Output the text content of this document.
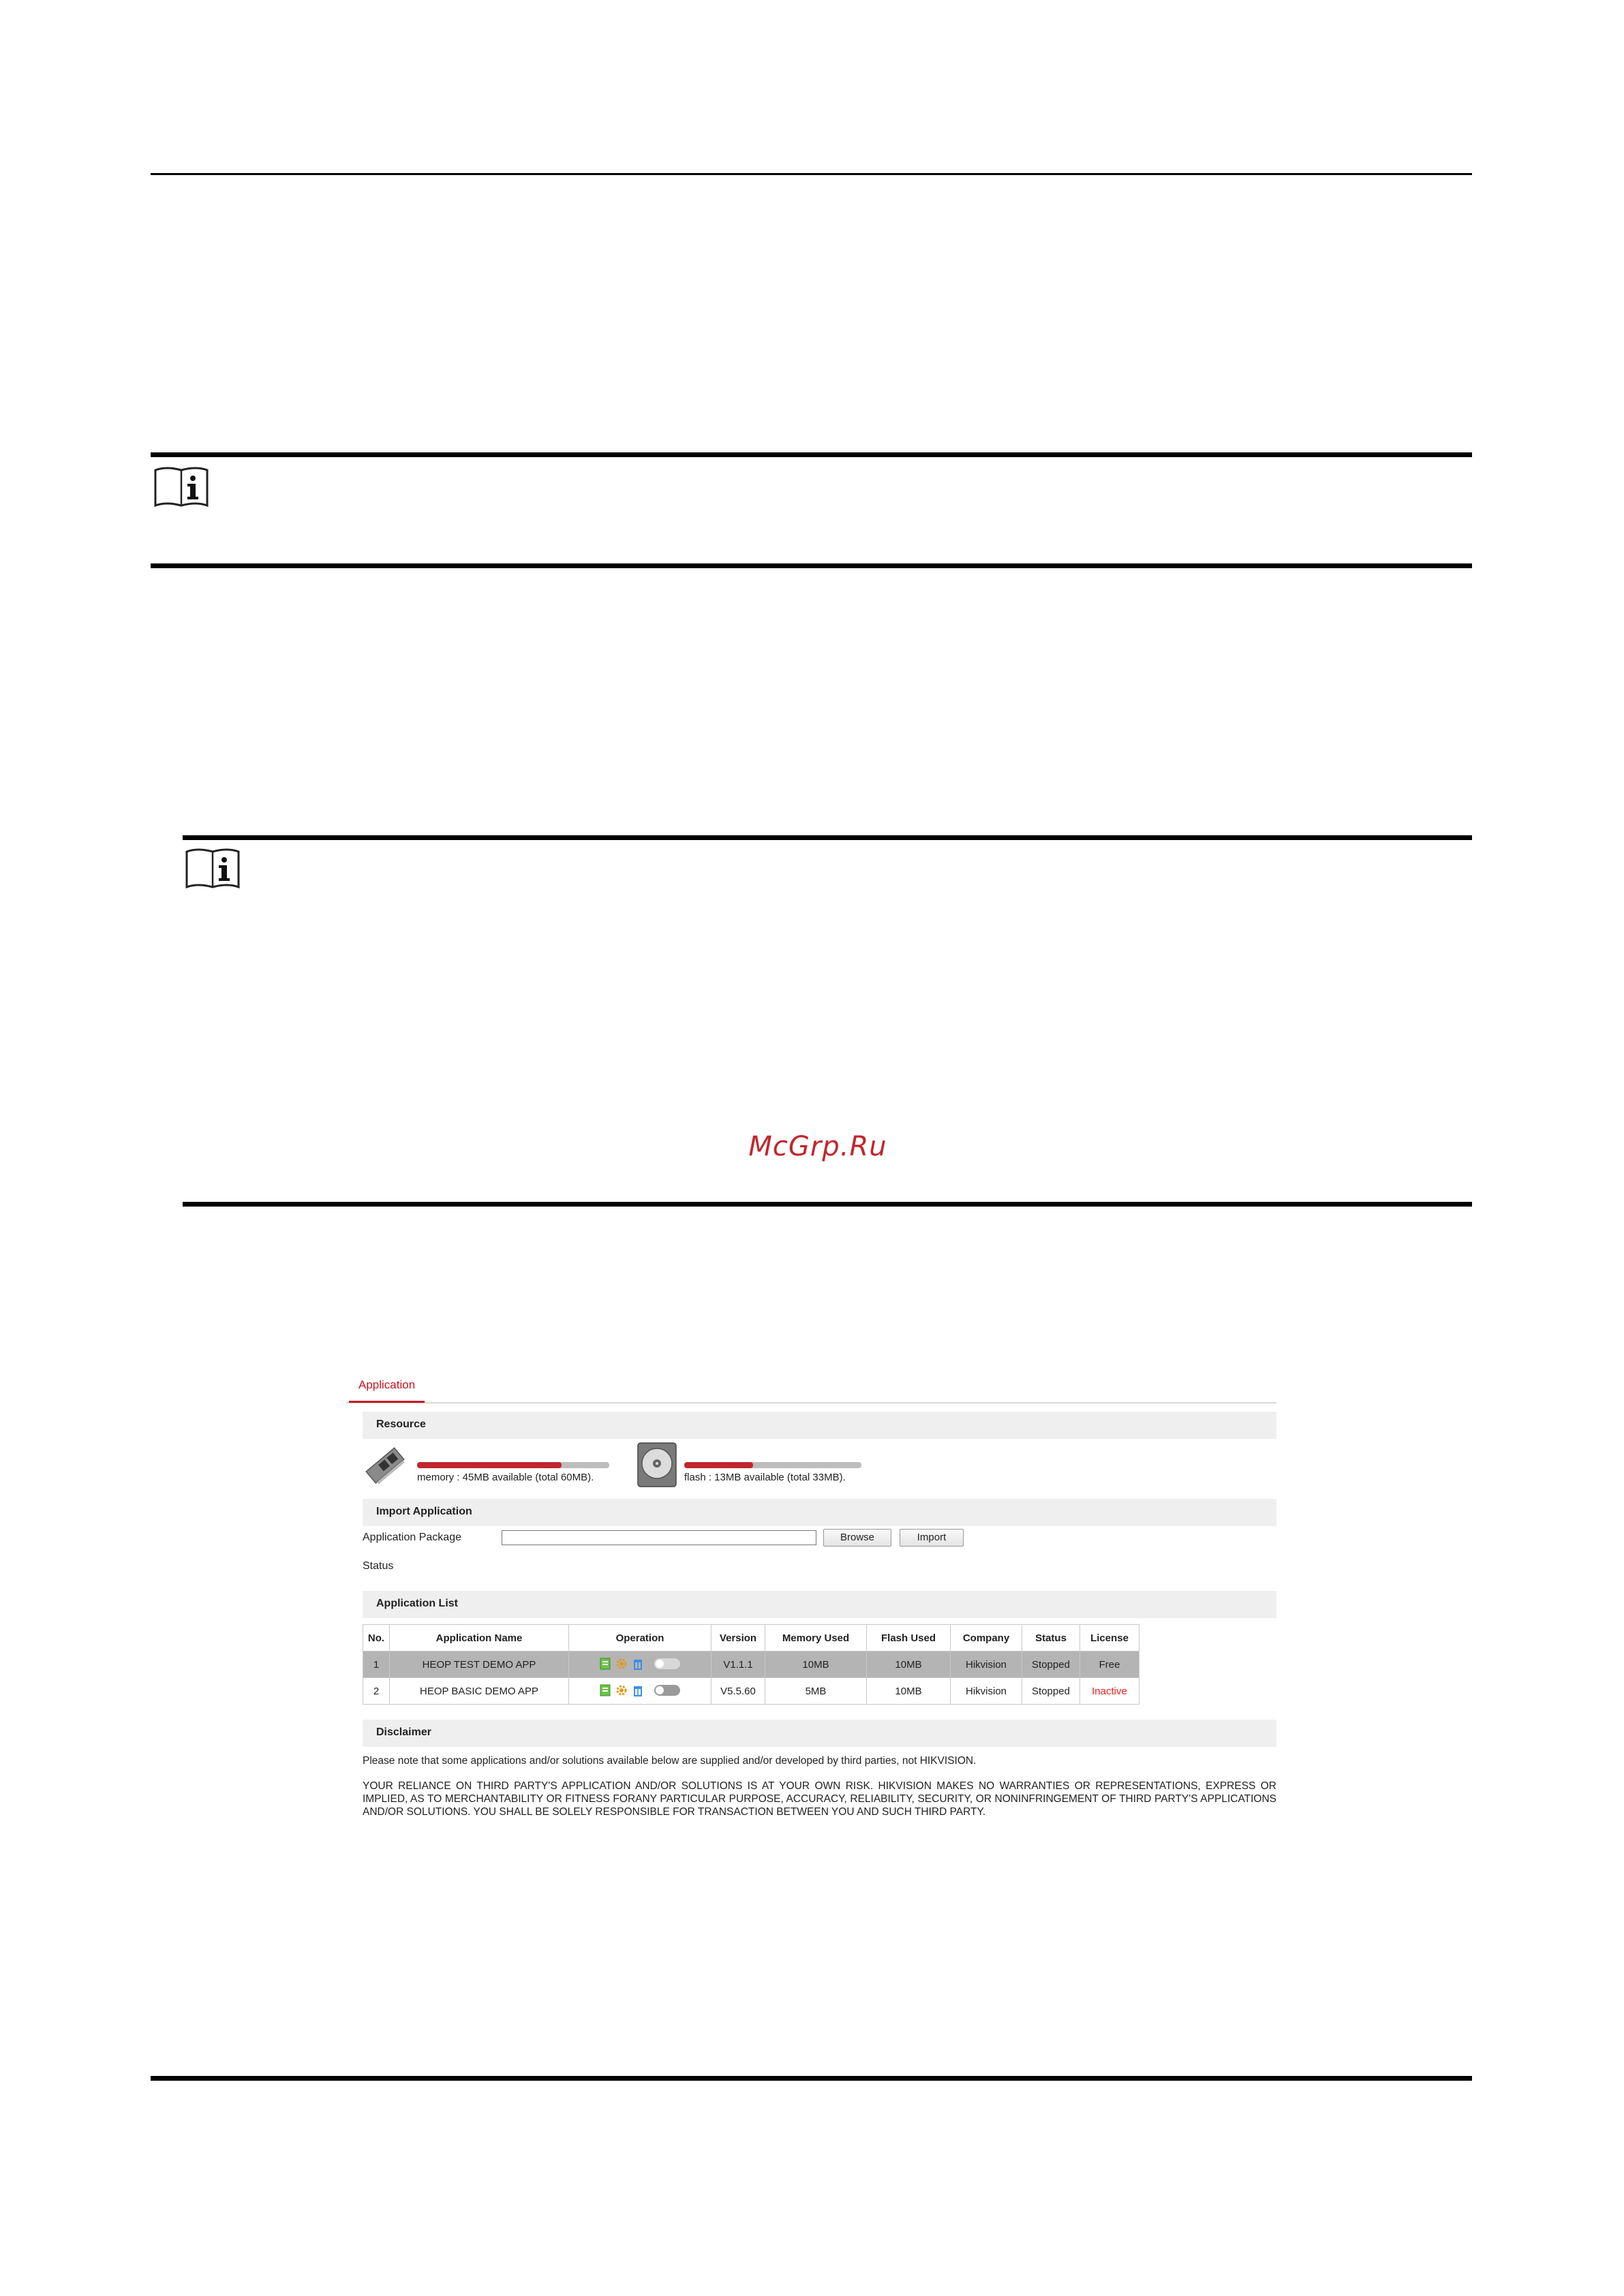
McGrp.Ru
Application
Resource
memory : 45MB available (total 60MB).	flash : 13MB available (total 33MB).
Import Application
Application Package	Browse	Import
Status
Application List
No.	Application Name	Operation	Version	Memory Used	Flash Used	Company	Status	License
1	HEOP TEST DEMO APP		V1.1.1	10MB	10MB	Hikvision	Stopped	Free
2	HEOP BASIC DEMO APP		V5.5.60	5MB	10MB	Hikvision	Stopped	Inactive
Disclaimer
Please note that some applications and/or solutions available below are supplied and/or developed by third parties, not HIKVISION.
YOUR RELIANCE ON THIRD PARTY'S APPLICATION AND/OR SOLUTIONS IS AT YOUR OWN RISK. HIKVISION MAKES NO WARRANTIES OR REPRESENTATIONS, EXPRESS OR IMPLIED, AS TO MERCHANTABILITY OR FITNESS FORANY PARTICULAR PURPOSE, ACCURACY, RELIABILITY, SECURITY, OR NONINFRINGEMENT OF THIRD PARTY'S APPLICATIONS AND/OR SOLUTIONS. YOU SHALL BE SOLELY RESPONSIBLE FOR TRANSACTION BETWEEN YOU AND SUCH THIRD PARTY.
